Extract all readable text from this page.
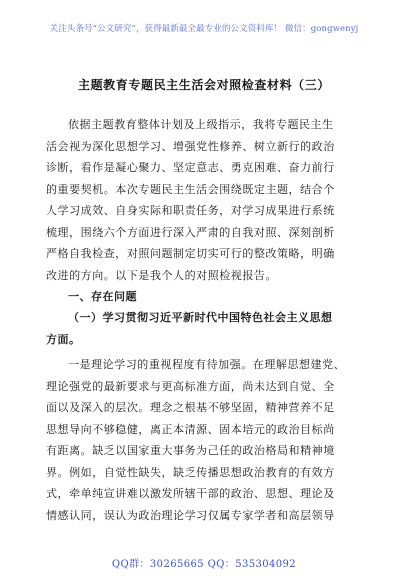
关注头条号“公文研究”，获得最新最全最专业的公文资料库！ 微信：gongwenyj
主题教育专题民主生活会对照检查材料（三）
依据主题教育整体计划及上级指示，我将专题民主生
活会视为深化思想学习、增强党性修养、树立新行的政治
诊断，看作是凝心聚力、坚定意志、勇克困难、奋力前行
的重要契机。本次专题民主生活会围绕既定主题，结合个
人学习成效、自身实际和职责任务，对学习成果进行系统
梳理，围绕六个方面进行深入严肃的自我对照、深刻剖析
严格自我检查，对照问题制定切实可行的整改策略，明确
改进的方向。以下是我个人的对照检视报告。
一、存在问题
（一）学习贯彻习近平新时代中国特色社会主义思想
方面。
一是理论学习的重视程度有待加强。在理解思想建党、
理论强党的最新要求与更高标准方面，尚未达到自觉、全
面以及深入的层次。理念之根基不够坚固，精神营养不足
思想导向不够稳健，离正本清源、固本培元的政治目标尚
有距离。缺乏以国家重大事务为己任的政治格局和精神境
界。例如，自觉性缺失，缺乏传播思想政治教育的有效方
式，牵单纯宣讲难以激发所辖干部的政治、思想、理论及
情感认同，误认为政治理论学习仅属专家学者和高层领导
QQ群：30265665 QQ：535304092
